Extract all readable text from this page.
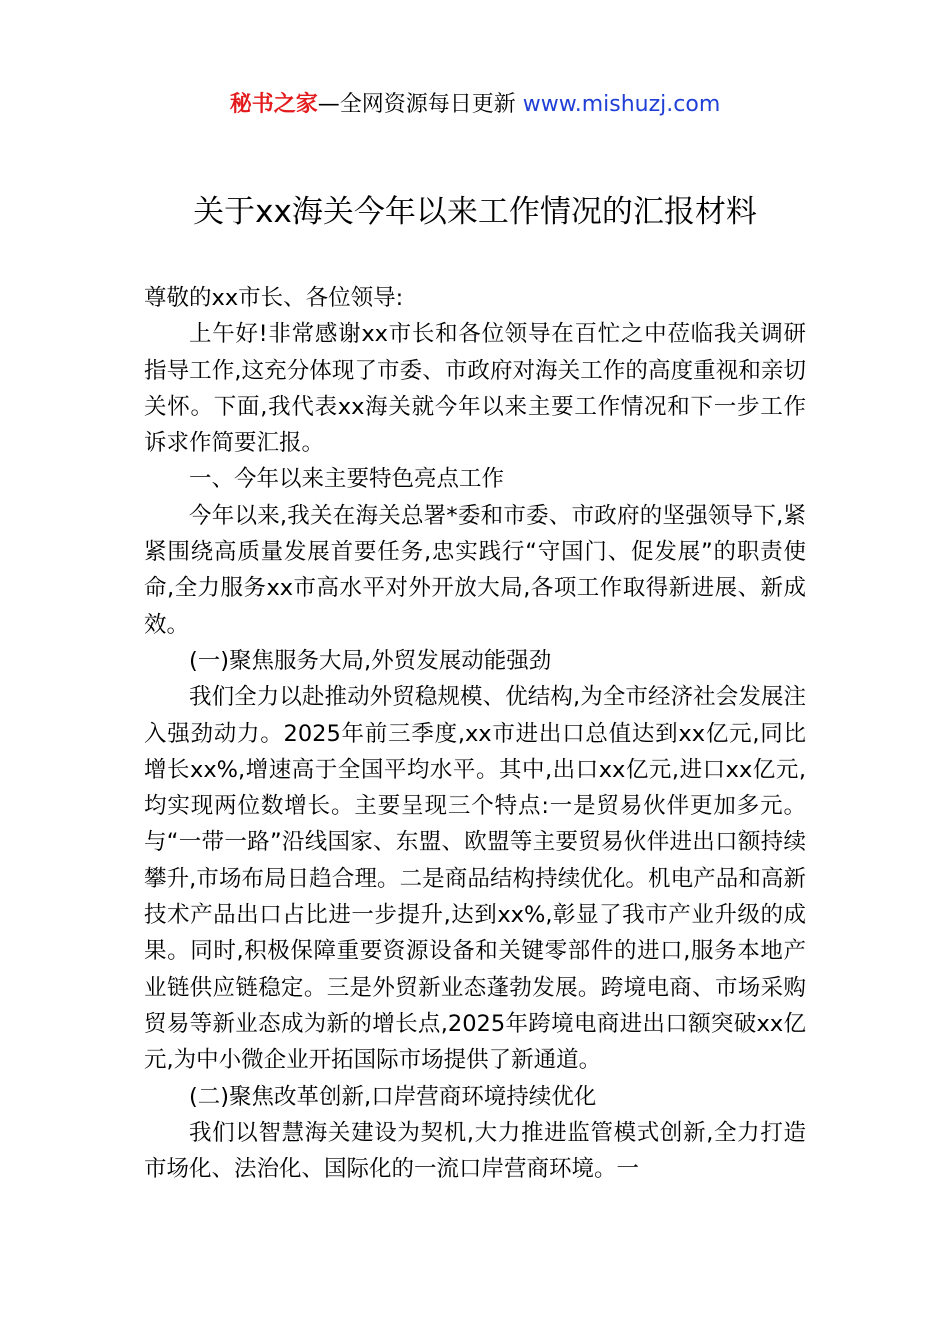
秘书之家—全网资源每日更新 www.mishuzj.com
关于xx海关今年以来工作情况的汇报材料

尊敬的xx市长、各位领导:

上午好!非常感谢xx市长和各位领导在百忙之中莅临我关调研指导工作,这充分体现了市委、市政府对海关工作的高度重视和亲切关怀。下面,我代表xx海关就今年以来主要工作情况和下一步工作诉求作简要汇报。

一、今年以来主要特色亮点工作

今年以来,我关在海关总署*委和市委、市政府的坚强领导下,紧紧围绕高质量发展首要任务,忠实践行“守国门、促发展”的职责使命,全力服务xx市高水平对外开放大局,各项工作取得新进展、新成效。

(一)聚焦服务大局,外贸发展动能强劲

我们全力以赴推动外贸稳规模、优结构,为全市经济社会发展注入强劲动力。2025年前三季度,xx市进出口总值达到xx亿元,同比增长xx%,增速高于全国平均水平。其中,出口xx亿元,进口xx亿元,均实现两位数增长。主要呈现三个特点:一是贸易伙伴更加多元。与“一带一路”沿线国家、东盟、欧盟等主要贸易伙伴进出口额持续攀升,市场布局日趋合理。二是商品结构持续优化。机电产品和高新技术产品出口占比进一步提升,达到xx%,彰显了我市产业升级的成果。同时,积极保障重要资源设备和关键零部件的进口,服务本地产业链供应链稳定。三是外贸新业态蓬勃发展。跨境电商、市场采购贸易等新业态成为新的增长点,2025年跨境电商进出口额突破xx亿元,为中小微企业开拓国际市场提供了新通道。

(二)聚焦改革创新,口岸营商环境持续优化

我们以智慧海关建设为契机,大力推进监管模式创新,全力打造市场化、法治化、国际化的一流口岸营商环境。一
